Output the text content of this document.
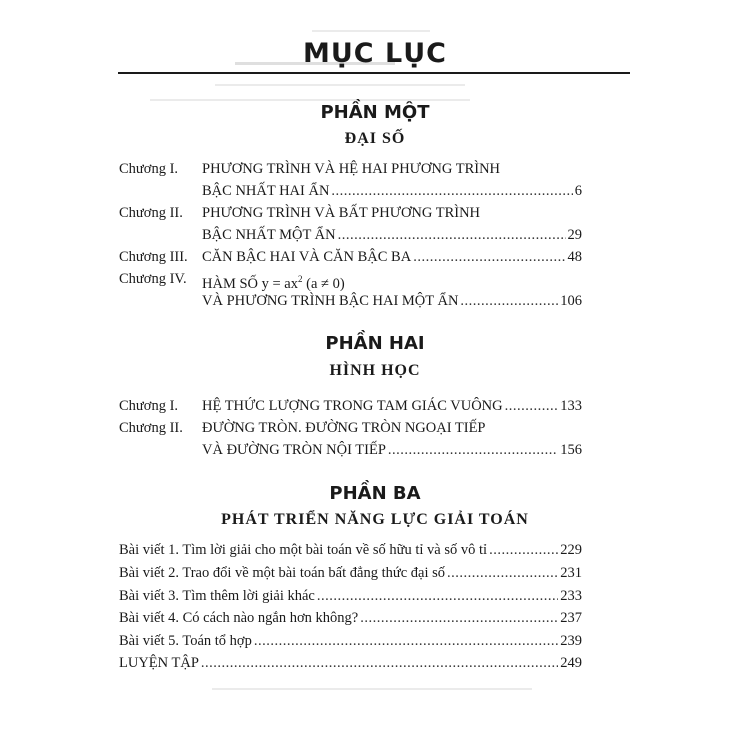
MỤC LỤC
PHẦN MỘT
ĐẠI SỐ
Chương I. PHƯƠNG TRÌNH VÀ HỆ HAI PHƯƠNG TRÌNH
BẬC NHẤT HAI ẨN .....	6
Chương II. PHƯƠNG TRÌNH VÀ BẤT PHƯƠNG TRÌNH
BẬC NHẤT MỘT ẨN .....	29
Chương III. CĂN BẬC HAI VÀ CĂN BẬC BA .....	48
Chương IV. HÀM SỐ $y = ax^2$ (a ≠ 0)
VÀ PHƯƠNG TRÌNH BẬC HAI MỘT ẨN .....	106
PHẦN HAI
HÌNH HỌC
Chương I. HỆ THỨC LƯỢNG TRONG TAM GIÁC VUÔNG .....	133
Chương II. ĐƯỜNG TRÒN. ĐƯỜNG TRÒN NGOẠI TIẾP
VÀ ĐƯỜNG TRÒN NỘI TIẾP .....	156
PHẦN BA
PHÁT TRIỂN NĂNG LỰC GIẢI TOÁN
Bài viết 1. Tìm lời giải cho một bài toán về số hữu tỉ và số vô tỉ .....	229
Bài viết 2. Trao đổi về một bài toán bất đẳng thức đại số .....	231
Bài viết 3. Tìm thêm lời giải khác .....	233
Bài viết 4. Có cách nào ngắn hơn không? .....	237
Bài viết 5. Toán tổ hợp .....	239
LUYỆN TẬP .....	249
